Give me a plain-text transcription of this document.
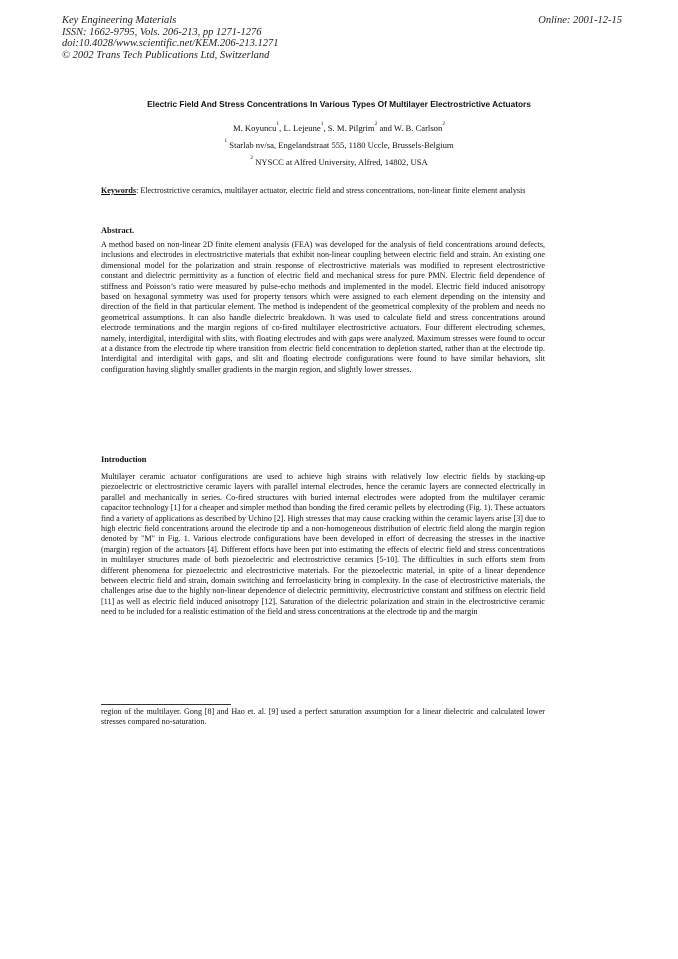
Key Engineering Materials
ISSN: 1662-9795, Vols. 206-213, pp 1271-1276
doi:10.4028/www.scientific.net/KEM.206-213.1271
© 2002 Trans Tech Publications Ltd, Switzerland
Online: 2001-12-15
Electric Field And Stress Concentrations In Various Types Of Multilayer Electrostrictive Actuators
M. Koyuncu$^1$, L. Lejeune$^1$, S. M. Pilgrim$^2$ and W. B. Carlson$^2$
$^1$ Starlab nv/sa, Engelandstraat 555, 1180 Uccle, Brussels-Belgium
$^2$ NYSCC at Alfred University, Alfred, 14802, USA
Keywords: Electrostrictive ceramics, multilayer actuator, electric field and stress concentrations, non-linear finite element analysis
Abstract.
A method based on non-linear 2D finite element analysis (FEA) was developed for the analysis of field concentrations around defects, inclusions and electrodes in electrostrictive materials that exhibit non-linear coupling between electric field and strain. An existing one dimensional model for the polarization and strain response of electrostrictive materials was modified to represent electrostrictive constant and dielectric permittivity as a function of electric field and mechanical stress for pure PMN. Electric field dependence of stiffness and Poisson’s ratio were measured by pulse-echo methods and implemented in the model. Electric field induced anisotropy based on hexagonal symmetry was used for property tensors which were assigned to each element depending on the intensity and direction of the field in that particular element. The method is independent of the geometrical complexity of the problem and needs no geometrical assumptions. It can also handle dielectric breakdown. It was used to calculate field and stress concentrations around electrode terminations and the margin regions of co-fired multilayer electrostrictive actuators. Four different electroding schemes, namely, interdigital, interdigital with slits, with floating electrodes and with gaps were analyzed. Maximum stresses were found to occur at a distance from the electrode tip where transition from electric field concentration to depletion started, rather than at the electrode tip. Interdigital and interdigital with gaps, and slit and floating electrode configurations were found to have similar behaviors, slit configuration having slightly smaller gradients in the margin region, and slightly lower stresses.
Introduction
Multilayer ceramic actuator configurations are used to achieve high strains with relatively low electric fields by stacking-up piezoelectric or electrostrictive ceramic layers with parallel internal electrodes, hence the ceramic layers are connected electrically in parallel and mechanically in series. Co-fired structures with buried internal electrodes were adopted from the multilayer ceramic capacitor technology [1] for a cheaper and simpler method than bonding the fired ceramic pellets by electroding (Fig. 1). These actuators find a variety of applications as described by Uchino [2]. High stresses that may cause cracking within the ceramic layers arise [3] due to high electric field concentrations around the electrode tip and a non-homogeneous distribution of electric field along the margin region denoted by "M" in Fig. 1. Various electrode configurations have been developed in effort of decreasing the stresses in the inactive (margin) region of the actuators [4]. Different efforts have been put into estimating the effects of electric field and stress concentrations in multilayer structures made of both piezoelectric and electrostrictive ceramics [5-10]. The difficulties in such efforts stem from different phenomena for piezoelectric and electrostrictive materials. For the piezoelectric material, in spite of a linear dependence between electric field and strain, domain switching and ferroelasticity bring in complexity. In the case of electrostrictive materials, the challenges arise due to the highly non-linear dependence of dielectric permittivity, electrostrictive constant and stiffness on electric field [11] as well as electric field induced anisotropy [12]. Saturation of the dielectric polarization and strain in the electrostrictive ceramic need to be included for a realistic estimation of the field and stress concentrations at the electrode tip and the margin
region of the multilayer. Gong [8] and Hao et. al. [9] used a perfect saturation assumption for a linear dielectric and calculated lower stresses compared no-saturation.
